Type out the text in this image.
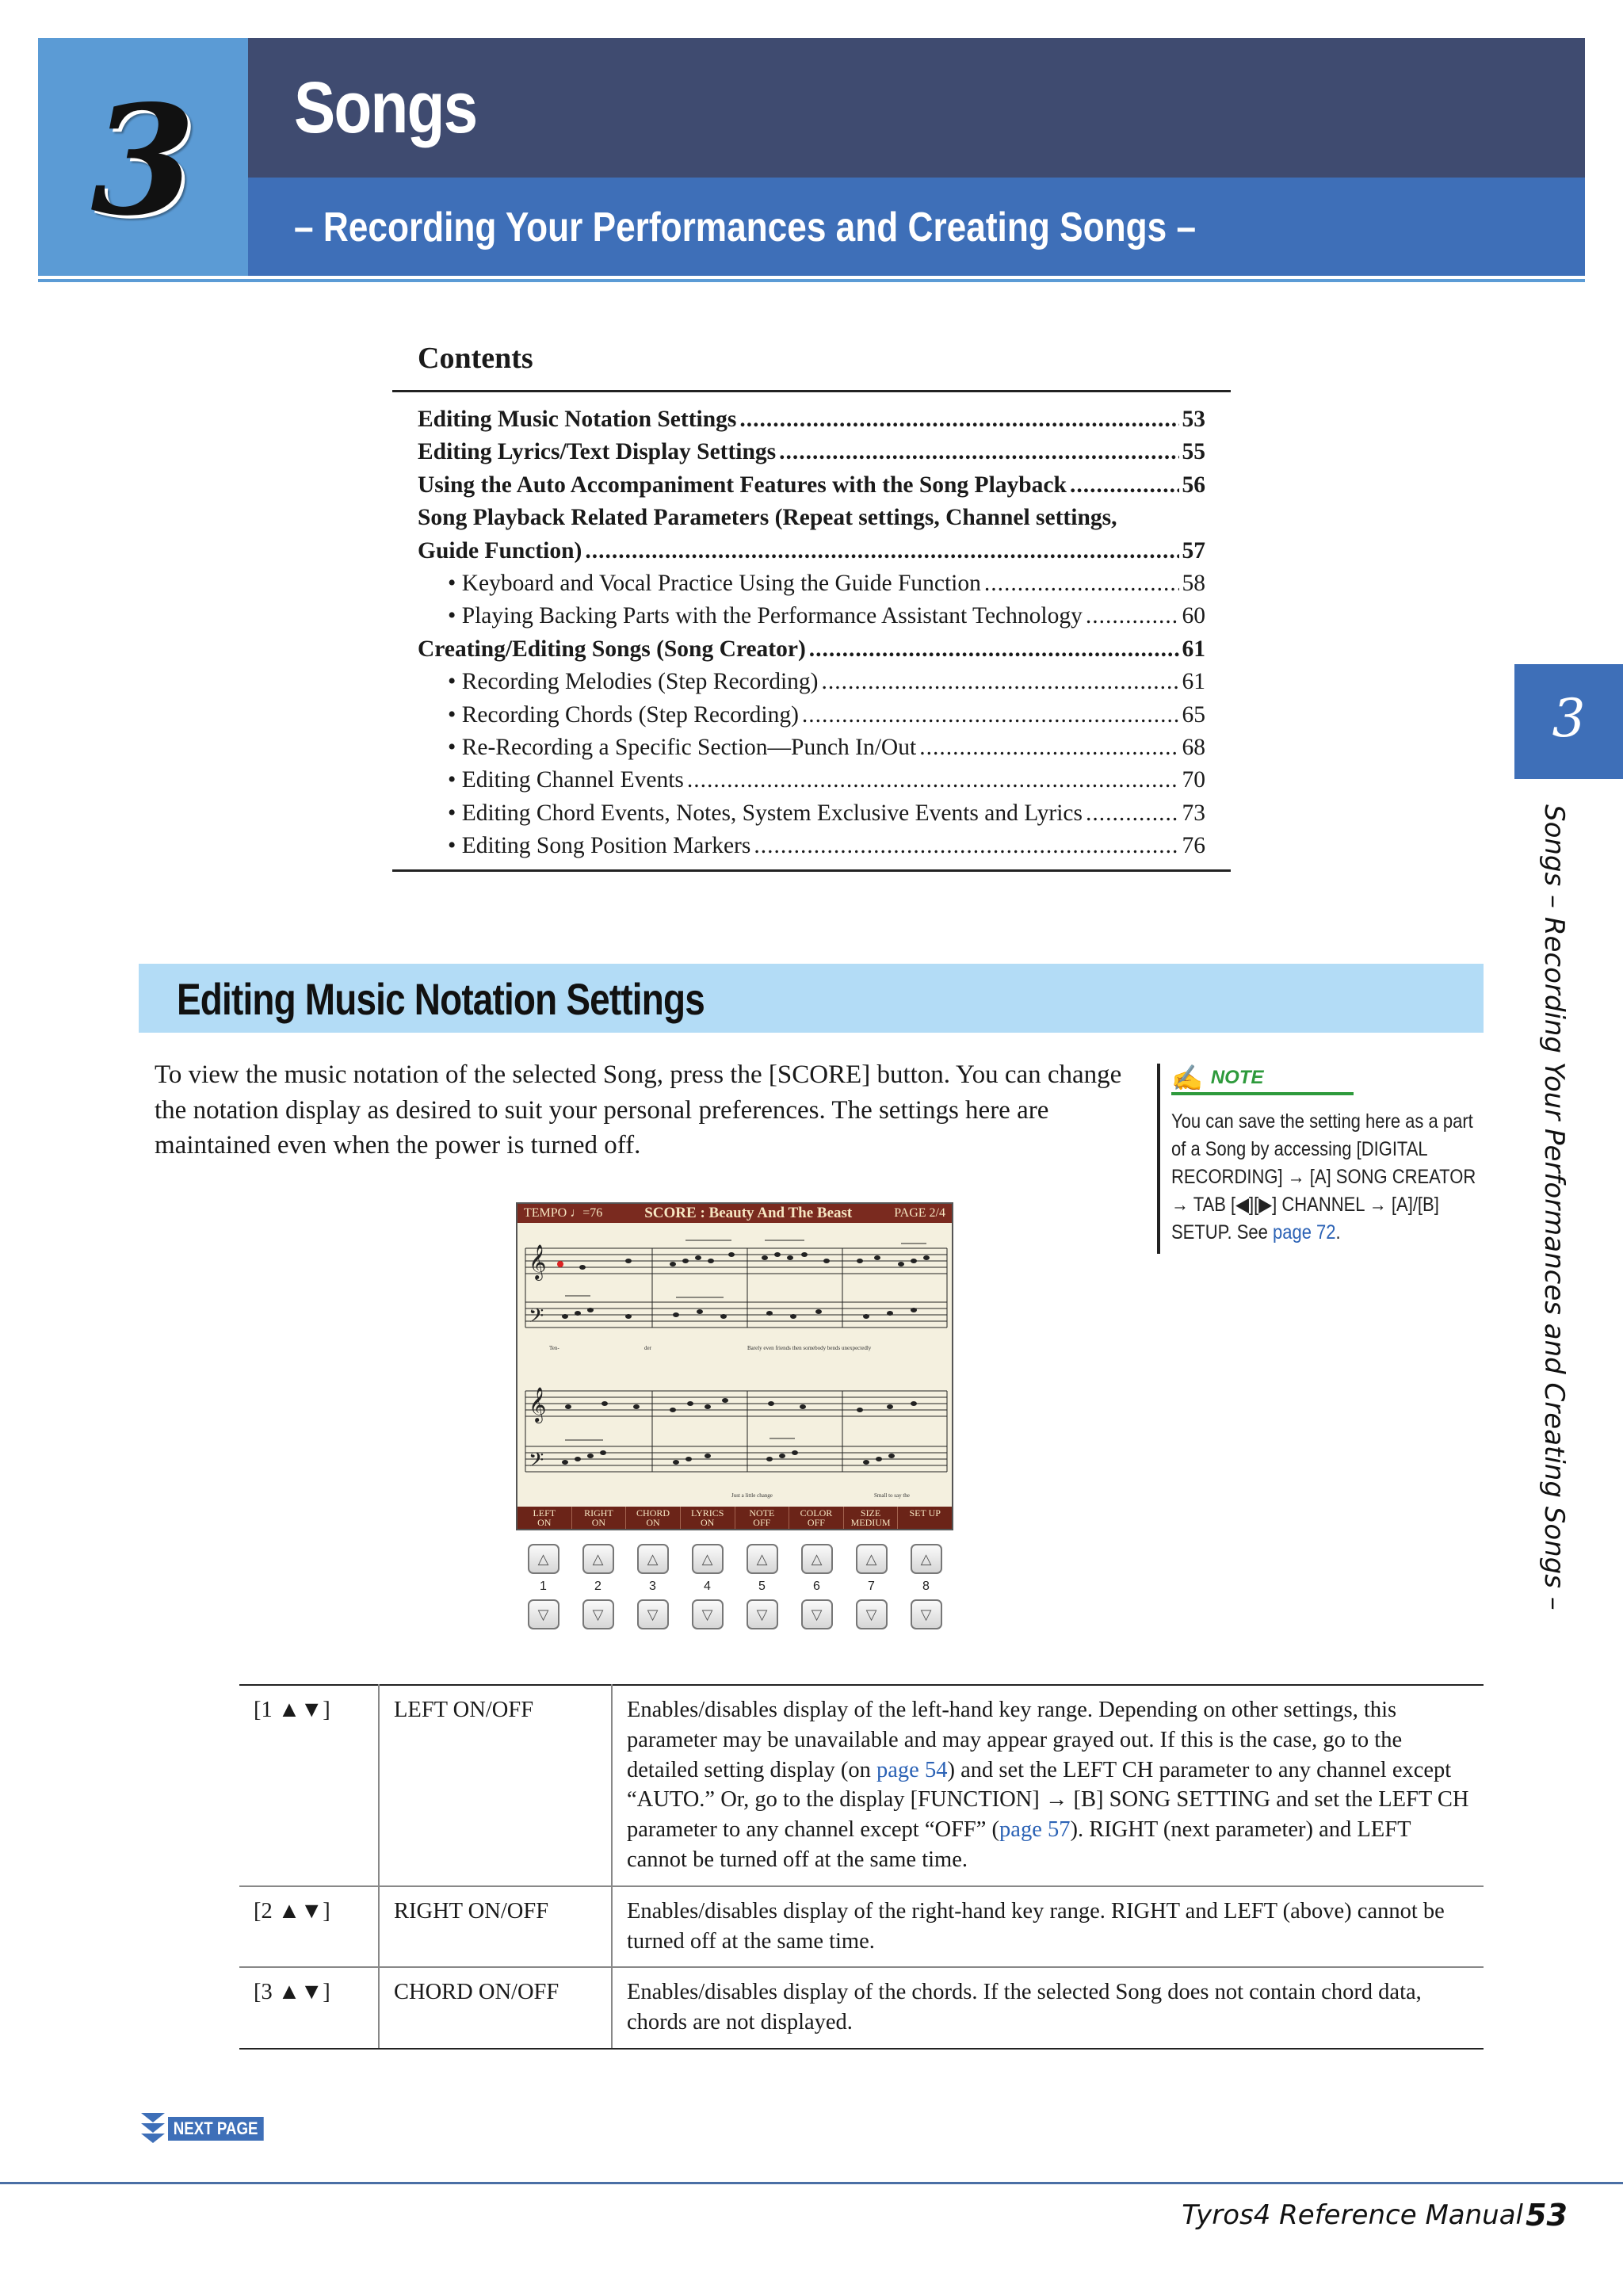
3	Songs
– Recording Your Performances and Creating Songs –
Contents
Editing Music Notation Settings .....	53
Editing Lyrics/Text Display Settings .....	55
Using the Auto Accompaniment Features with the Song Playback .....	56
Song Playback Related Parameters (Repeat settings, Channel settings,
Guide Function) .....	57
• Keyboard and Vocal Practice Using the Guide Function .....	58
• Playing Backing Parts with the Performance Assistant Technology .....	60
Creating/Editing Songs (Song Creator) .....	61
• Recording Melodies (Step Recording) .....	61
• Recording Chords (Step Recording) .....	65
• Re-Recording a Specific Section—Punch In/Out .....	68
• Editing Channel Events .....	70
• Editing Chord Events, Notes, System Exclusive Events and Lyrics .....	73
• Editing Song Position Markers .....	76
3
Songs – Recording Your Performances and Creating Songs –
Editing Music Notation Settings

To view the music notation of the selected Song, press the [SCORE] button. You can change the notation display as desired to suit your personal preferences. The settings here are maintained even when the power is turned off.

✍ NOTE
You can save the setting here as a part of a Song by accessing [DIGITAL RECORDING] → [A] SONG CREATOR → TAB [◀][▶] CHANNEL → [A]/[B] SETUP. See page 72.
TEMPO ♩=76	SCORE : Beauty And The Beast	PAGE 2/4
𝄞
𝄢
𝄞
𝄢
Ten-	der	Barely even friends then somebody bends unexpectedly
Just a little change	Small to say the
LEFT
ON
RIGHT
ON
CHORD
ON
LYRICS
ON
NOTE
OFF
COLOR
OFF
SIZE
MEDIUM
SET UP
△
1
▽
△
2
▽
△
3
▽
△
4
▽
△
5
▽
△
6
▽
△
7
▽
△
8
▽
[1 ▲▼]	LEFT ON/OFF	Enables/disables display of the left-hand key range. Depending on other settings, this parameter may be unavailable and may appear grayed out. If this is the case, go to the detailed setting display (on page 54) and set the LEFT CH parameter to any channel except “AUTO.” Or, go to the display [FUNCTION] → [B] SONG SETTING and set the LEFT CH parameter to any channel except “OFF” (page 57). RIGHT (next parameter) and LEFT cannot be turned off at the same time.
[2 ▲▼]	RIGHT ON/OFF	Enables/disables display of the right-hand key range. RIGHT and LEFT (above) cannot be turned off at the same time.
[3 ▲▼]	CHORD ON/OFF	Enables/disables display of the chords. If the selected Song does not contain chord data, chords are not displayed.
NEXT PAGE
Tyros4 Reference Manual 53
